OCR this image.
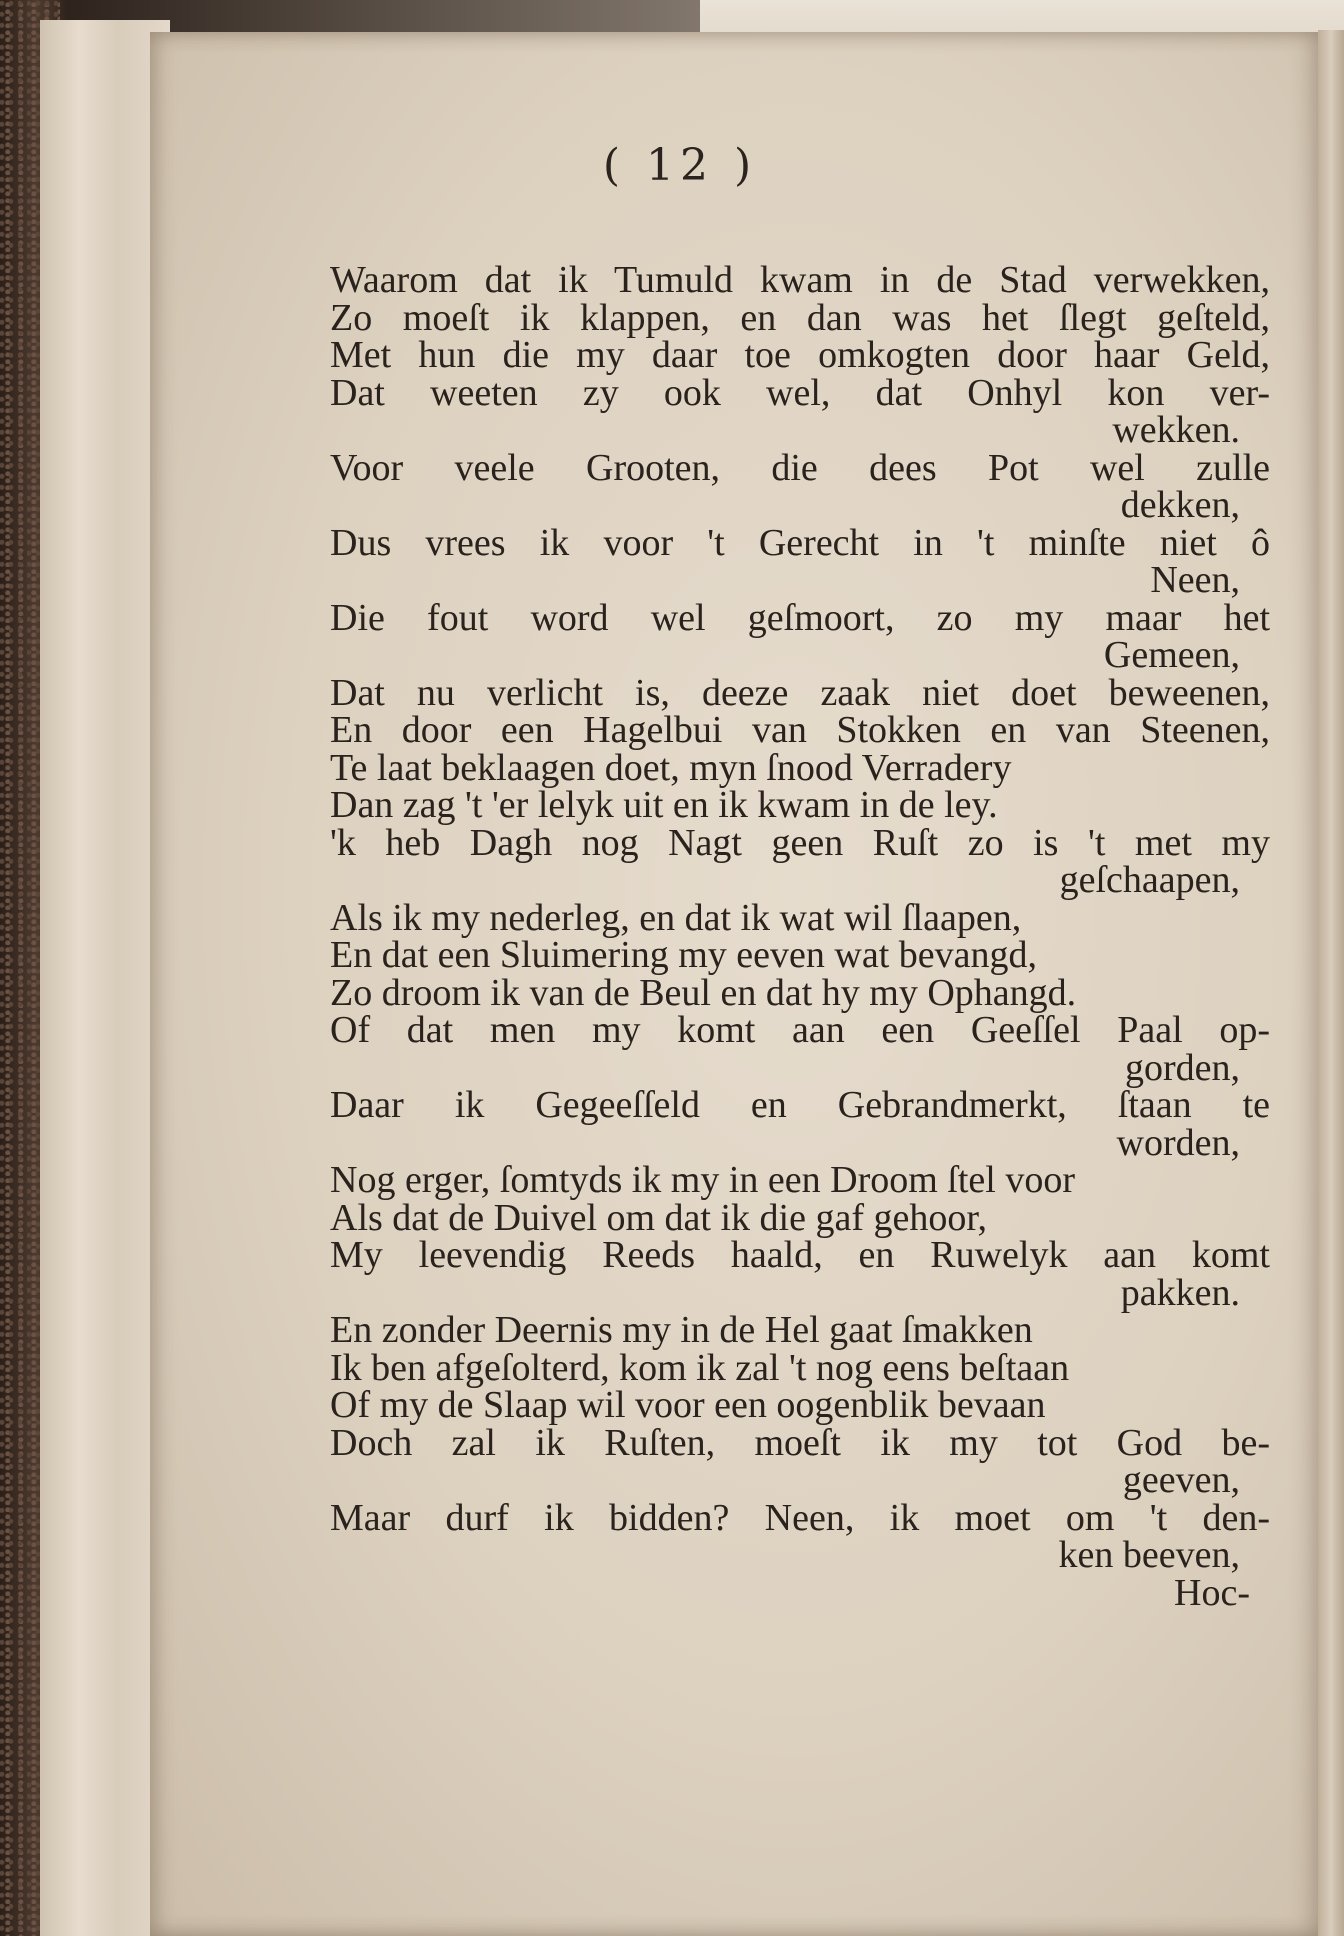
( 12 )
Waarom dat ik Tumuld kwam in de Stad verwekken,
Zo moeſt ik klappen, en dan was het ſlegt geſteld,
Met hun die my daar toe omkogten door haar Geld,
Dat weeten zy ook wel, dat Onhyl kon ver-
wekken.
Voor veele Grooten, die dees Pot wel zulle
dekken,
Dus vrees ik voor 't Gerecht in 't minſte niet ô
Neen,
Die fout word wel geſmoort, zo my maar het
Gemeen,
Dat nu verlicht is, deeze zaak niet doet beweenen,
En door een Hagelbui van Stokken en van Steenen,
Te laat beklaagen doet, myn ſnood Verradery
Dan zag 't 'er lelyk uit en ik kwam in de ley.
'k heb Dagh nog Nagt geen Ruſt zo is 't met my
geſchaapen,
Als ik my nederleg, en dat ik wat wil ſlaapen,
En dat een Sluimering my eeven wat bevangd,
Zo droom ik van de Beul en dat hy my Ophangd.
Of dat men my komt aan een Geeſſel Paal op-
gorden,
Daar ik Gegeeſſeld en Gebrandmerkt, ſtaan te
worden,
Nog erger, ſomtyds ik my in een Droom ſtel voor
Als dat de Duivel om dat ik die gaf gehoor,
My leevendig Reeds haald, en Ruwelyk aan komt
pakken.
En zonder Deernis my in de Hel gaat ſmakken
Ik ben afgeſolterd, kom ik zal 't nog eens beſtaan
Of my de Slaap wil voor een oogenblik bevaan
Doch zal ik Ruſten, moeſt ik my tot God be-
geeven,
Maar durf ik bidden? Neen, ik moet om 't den-
ken beeven,
Hoc-
